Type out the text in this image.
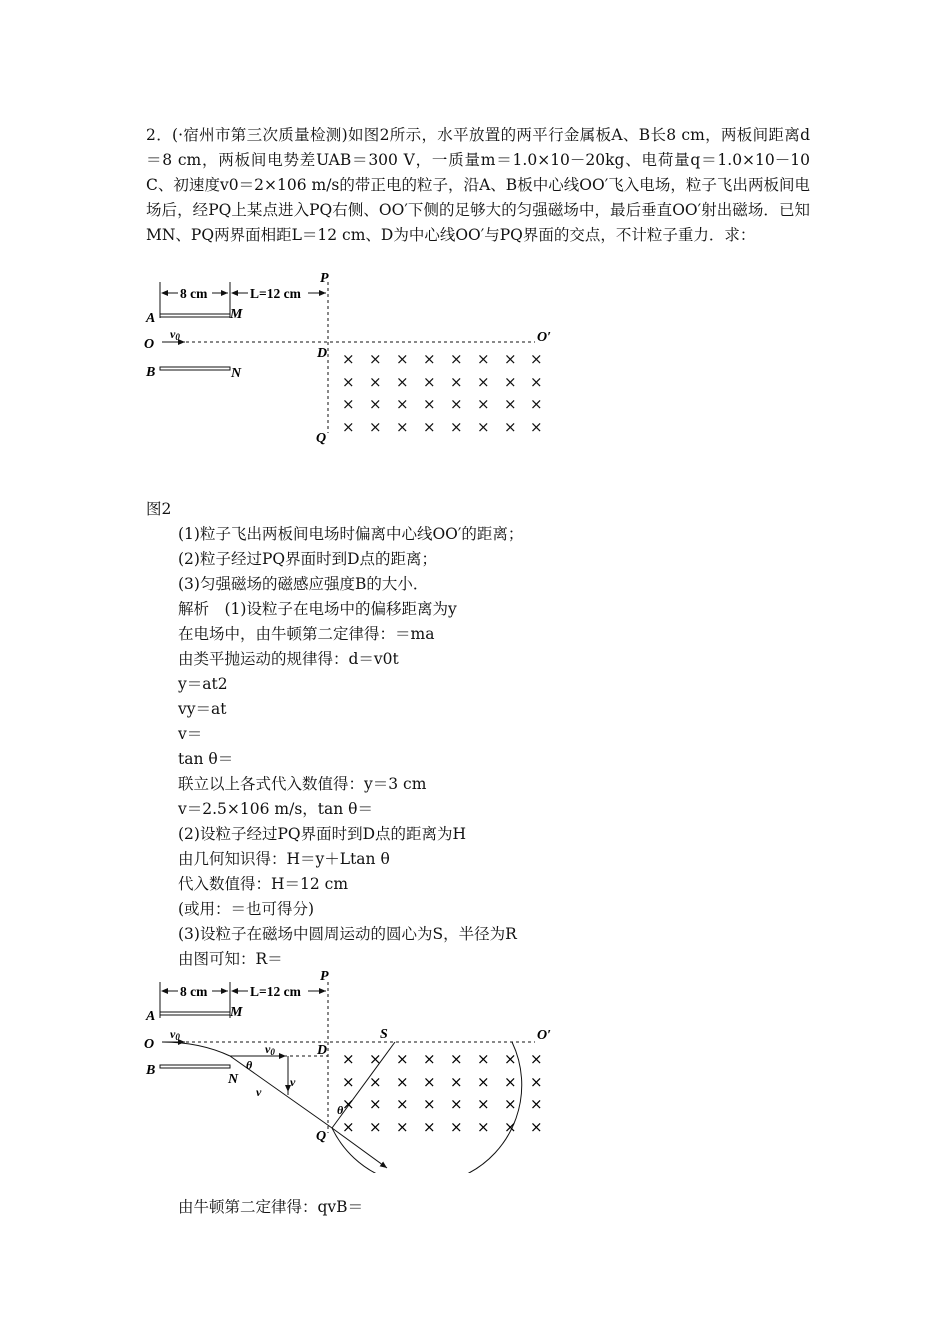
2．(·宿州市第三次质量检测)如图2所示，水平放置的两平行金属板A、B长8 cm，两板间距离d＝8 cm，两板间电势差UAB＝300 V，一质量m＝1.0×10－20kg、电荷量q＝1.0×10－10 C、初速度v0＝2×106 m/s的带正电的粒子，沿A、B板中心线OO′飞入电场，粒子飞出两板间电场后，经PQ上某点进入PQ右侧、OO′下侧的足够大的匀强磁场中，最后垂直OO′射出磁场．已知MN、PQ两界面相距L＝12 cm、D为中心线OO′与PQ界面的交点，不计粒子重力．求：
× × × × × × × ×
× × × × × × × ×
× × × × × × × ×
× × × × × × × ×
8 cm	L=12 cm
P
A	M
O
v0
D
O′
B	N
Q
图2
(1)粒子飞出两板间电场时偏离中心线OO′的距离；
(2)粒子经过PQ界面时到D点的距离；
(3)匀强磁场的磁感应强度B的大小．
解析　(1)设粒子在电场中的偏移距离为y
在电场中，由牛顿第二定律得：＝ma
由类平抛运动的规律得：d＝v0t
y＝at2
vy＝at
v＝
tan θ＝
联立以上各式代入数值得：y＝3 cm
v＝2.5×106 m/s，tan θ＝
(2)设粒子经过PQ界面时到D点的距离为H
由几何知识得：H＝y＋Ltan θ
代入数值得：H＝12 cm
(或用：＝也可得分)
(3)设粒子在磁场中圆周运动的圆心为S，半径为R
由图可知：R＝
× × × × × × × ×
× × × × × × × ×
× × × × × × × ×
× × × × × × × ×
8 cm	L=12 cm
P
A	M
O
v0
v0	D
S	O′
B
N
θ
v
v
θ
Q
由牛顿第二定律得：qvB＝
